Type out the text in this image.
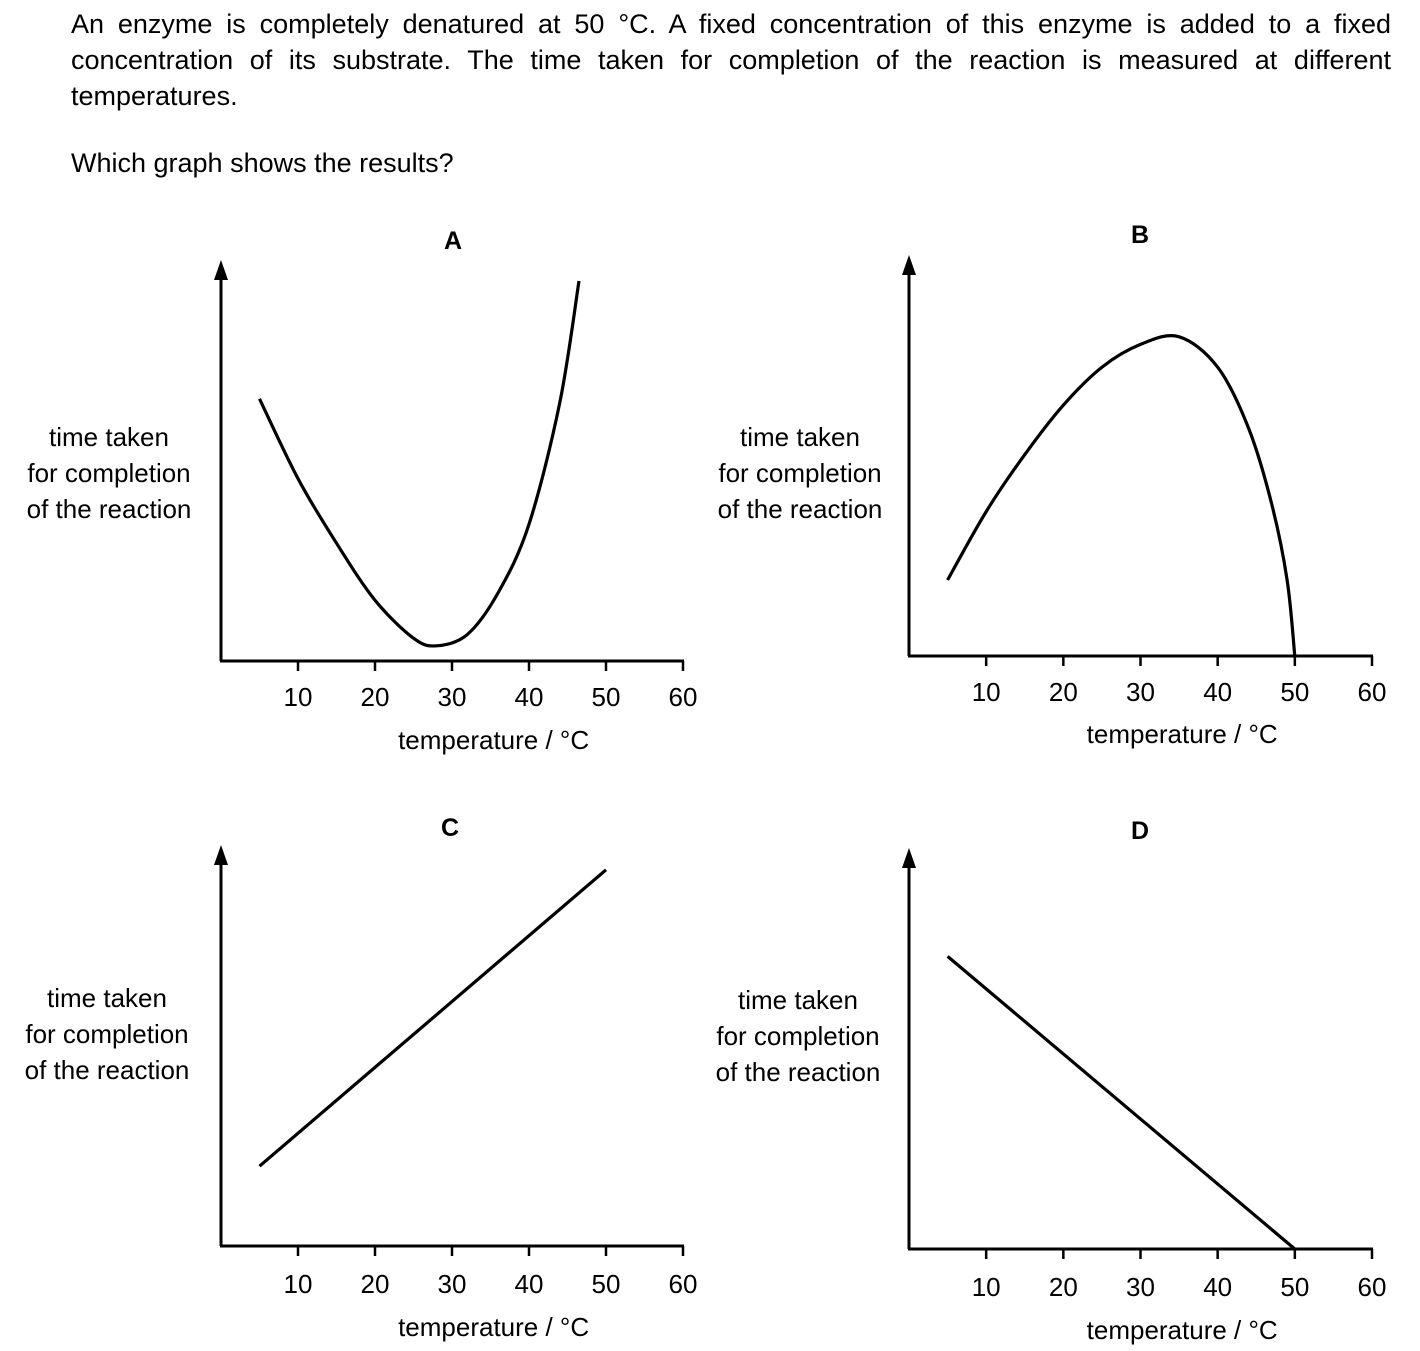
An enzyme is completely denatured at 50 °C. A fixed concentration of this enzyme is added to a fixed concentration of its substrate. The time taken for completion of the reaction is measured at different temperatures.

Which graph shows the results?

A
10 20 30 40 50 60
temperature / °C
time taken
for completion
of the reaction
B
10 20 30 40 50 60
temperature / °C
time taken
for completion
of the reaction
C
10 20 30 40 50 60
temperature / °C
time taken
for completion
of the reaction
D
10 20 30 40 50 60
temperature / °C
time taken
for completion
of the reaction
